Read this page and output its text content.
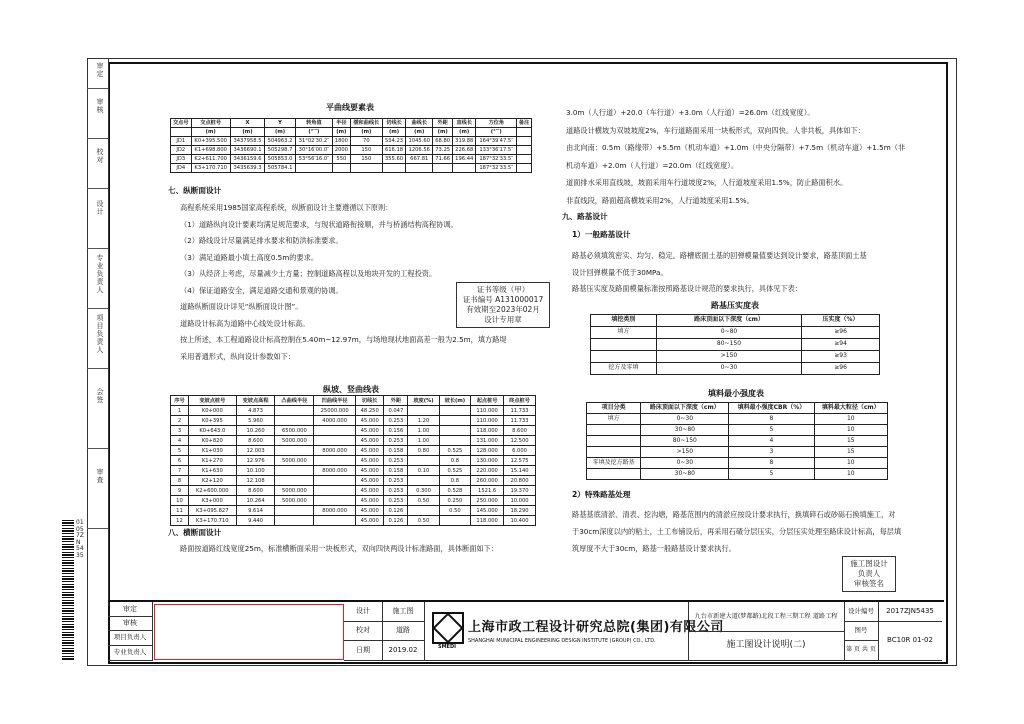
审定
审核
校对
设计
专业负责人
项目负责人
会签
审查
01057ZN5435
平曲线要素表
交点号	交点桩号	X	Y	转角值	半径	缓和曲线长	切线长	曲线长	外距	直线长	方位角	备注
	(m)	(m)	(m)	(°′″)	(m)	(m)	(m)	(m)	(m)	(m)	(°′″)	
JD1	K0+395.500	3437958.5	504963.2	31°02′30.2″	1800	70	534.23	1045.60	68.80	319.88	164°39′47.5″	
JD2	K1+698.800	3436690.1	505298.7	30°16′00.0″	2000	150	616.18	1206.56	73.25	226.68	133°36′17.5″	
JD3	K2+611.700	3436159.6	505853.0	53°56′16.0″	550	150	355.60	667.81	71.66	196.44	187°32′33.5″	
JD4	K3+170.710	3435639.3	505784.1								187°32′33.5″	
七、纵断面设计
高程系统采用1985国家高程系统，纵断面设计主要遵循以下原则：
（1）道路纵向设计要素均满足规范要求，与现状道路衔接顺，并与桥涵结构高程协调。
（2）路线设计尽量满足排水要求和防洪标准要求。
（3）满足道路最小填土高度0.5m的要求。
（3）从经济上考虑，尽量减少土方量；控制道路高程以及地块开发的工程投资。
（4）保证道路安全，满足道路交通和景观的协调。
道路纵断面设计详见“纵断面设计图”。
道路设计标高为道路中心线处设计标高。
按上所述，本工程道路设计标高控制在5.40m~12.97m，与场地现状地面高差一般为2.5m，填方路堤
采用普通形式，纵向设计参数如下：
纵坡、竖曲线表
序号	变坡点桩号	变坡点高程	凸曲线半径	凹曲线半径	切线长	外距	坡度(%)	坡长(m)	起点桩号	终点桩号
1	K0+000	4.873		25000.000	48.250	0.047			110.000	11.733
2	K0+395	5.960		4000.000	45.000	0.253	1.20		110.000	11.733
3	K0+643.0	10.260	6500.000		45.000	0.156	1.00		118.000	8.600
4	K0+820	8.600	5000.000		45.000	0.253	1.00		131.000	12.500
5	K1+030	12.003		8000.000	45.000	0.158	0.80	0.525	128.000	6.000
6	K1+270	12.976	5000.000		45.000	0.253		0.8	130.000	12.575
7	K1+630	10.100		8000.000	45.000	0.158	0.10	0.525	220.000	15.140
8	K2+120	12.108			45.000	0.253		0.8	260.000	20.800
9	K2+600.000	8.600	5000.000		45.000	0.253	0.300	0.528	1521.6	19.370
10	K3+000	10.264	5000.000		45.000	0.253	0.50	0.250	250.000	10.000
11	K3+095.827	9.614		8000.000	45.000	0.126		0.50	145.000	18.290
12	K3+170.710	9.440			45.000	0.126	0.50		118.000	10.400
八、横断面设计
路面按道路红线宽度25m，标准横断面采用一块板形式，双向四快两设计标准路面，具体断面如下：
3.0m（人行道）+20.0（车行道）+3.0m（人行道）=26.0m（红线宽度）。
道路设计横坡为双坡坡度2%，车行道路面采用一块板形式，双向四快。人非共板，具体如下：
由北向南：0.5m（路缘带）+5.5m（机动车道）+1.0m（中央分隔带）+7.5m（机动车道）+1.5m（非
机动车道）+2.0m（人行道）=20.0m（红线宽度）。
道面排水采用直线坡，坡面采用车行道坡度2%，人行道坡度采用1.5%，防止路面积水。
非直线段，路面超高横坡采用2%，人行道坡度采用1.5%。
九、路基设计
1）一般路基设计
路基必须填筑密实、均匀、稳定。路槽底面土基的回弹模量值要达到设计要求，路基顶面土基
设计回弹模量不低于30MPa。
路基压实度及路面模量标准按照路基设计规范的要求执行，具体见下表：
路基压实度表
填挖类别	路床顶面以下深度（cm）	压实度（%）
填方	0~80	≥96
	80~150	≥94
	>150	≥93
挖方及零填	0~30	≥96
填料最小强度表
项目分类	路床顶面以下深度（cm）	填料最小强度CBR（%）	填料最大粒径（cm）
填方	0~30	8	10
	30~80	5	10
	80~150	4	15
	>150	3	15
零填及挖方路基	0~30	8	10
	30~80	5	10
2）特殊路基处理
路基基底清淤、清表、挖沟塘，路基范围内的清淤应按设计要求执行，换填碎石或砂砾石换填施工，对
于30cm深度以内的粘土，土工布铺设后，再采用石碴分层压实，分层压实处理至路床设计标高，每层填
筑厚度不大于30cm，路基一般路基设计要求执行。
证书等级（甲）
证书编号 A131000017
有效期至2023年02月
设计专用章
施工图设计
负责人
审核签名
审定
审核
项目负责人
专业负责人
设计
校对
日期
施工图
道路
2019.02	SMEDI
上海市政工程设计研究总院(集团)有限公司
SHANGHAI MUNICIPAL ENGINEERING DESIGN INSTITUTE (GROUP) CO., LTD.
九台市新建大道(梦都路)北段工程三期工程 道路工程
施工图设计说明(二)
设计编号
图号
第 页 共 页
2017ZJN5435
BC10R 01-02
